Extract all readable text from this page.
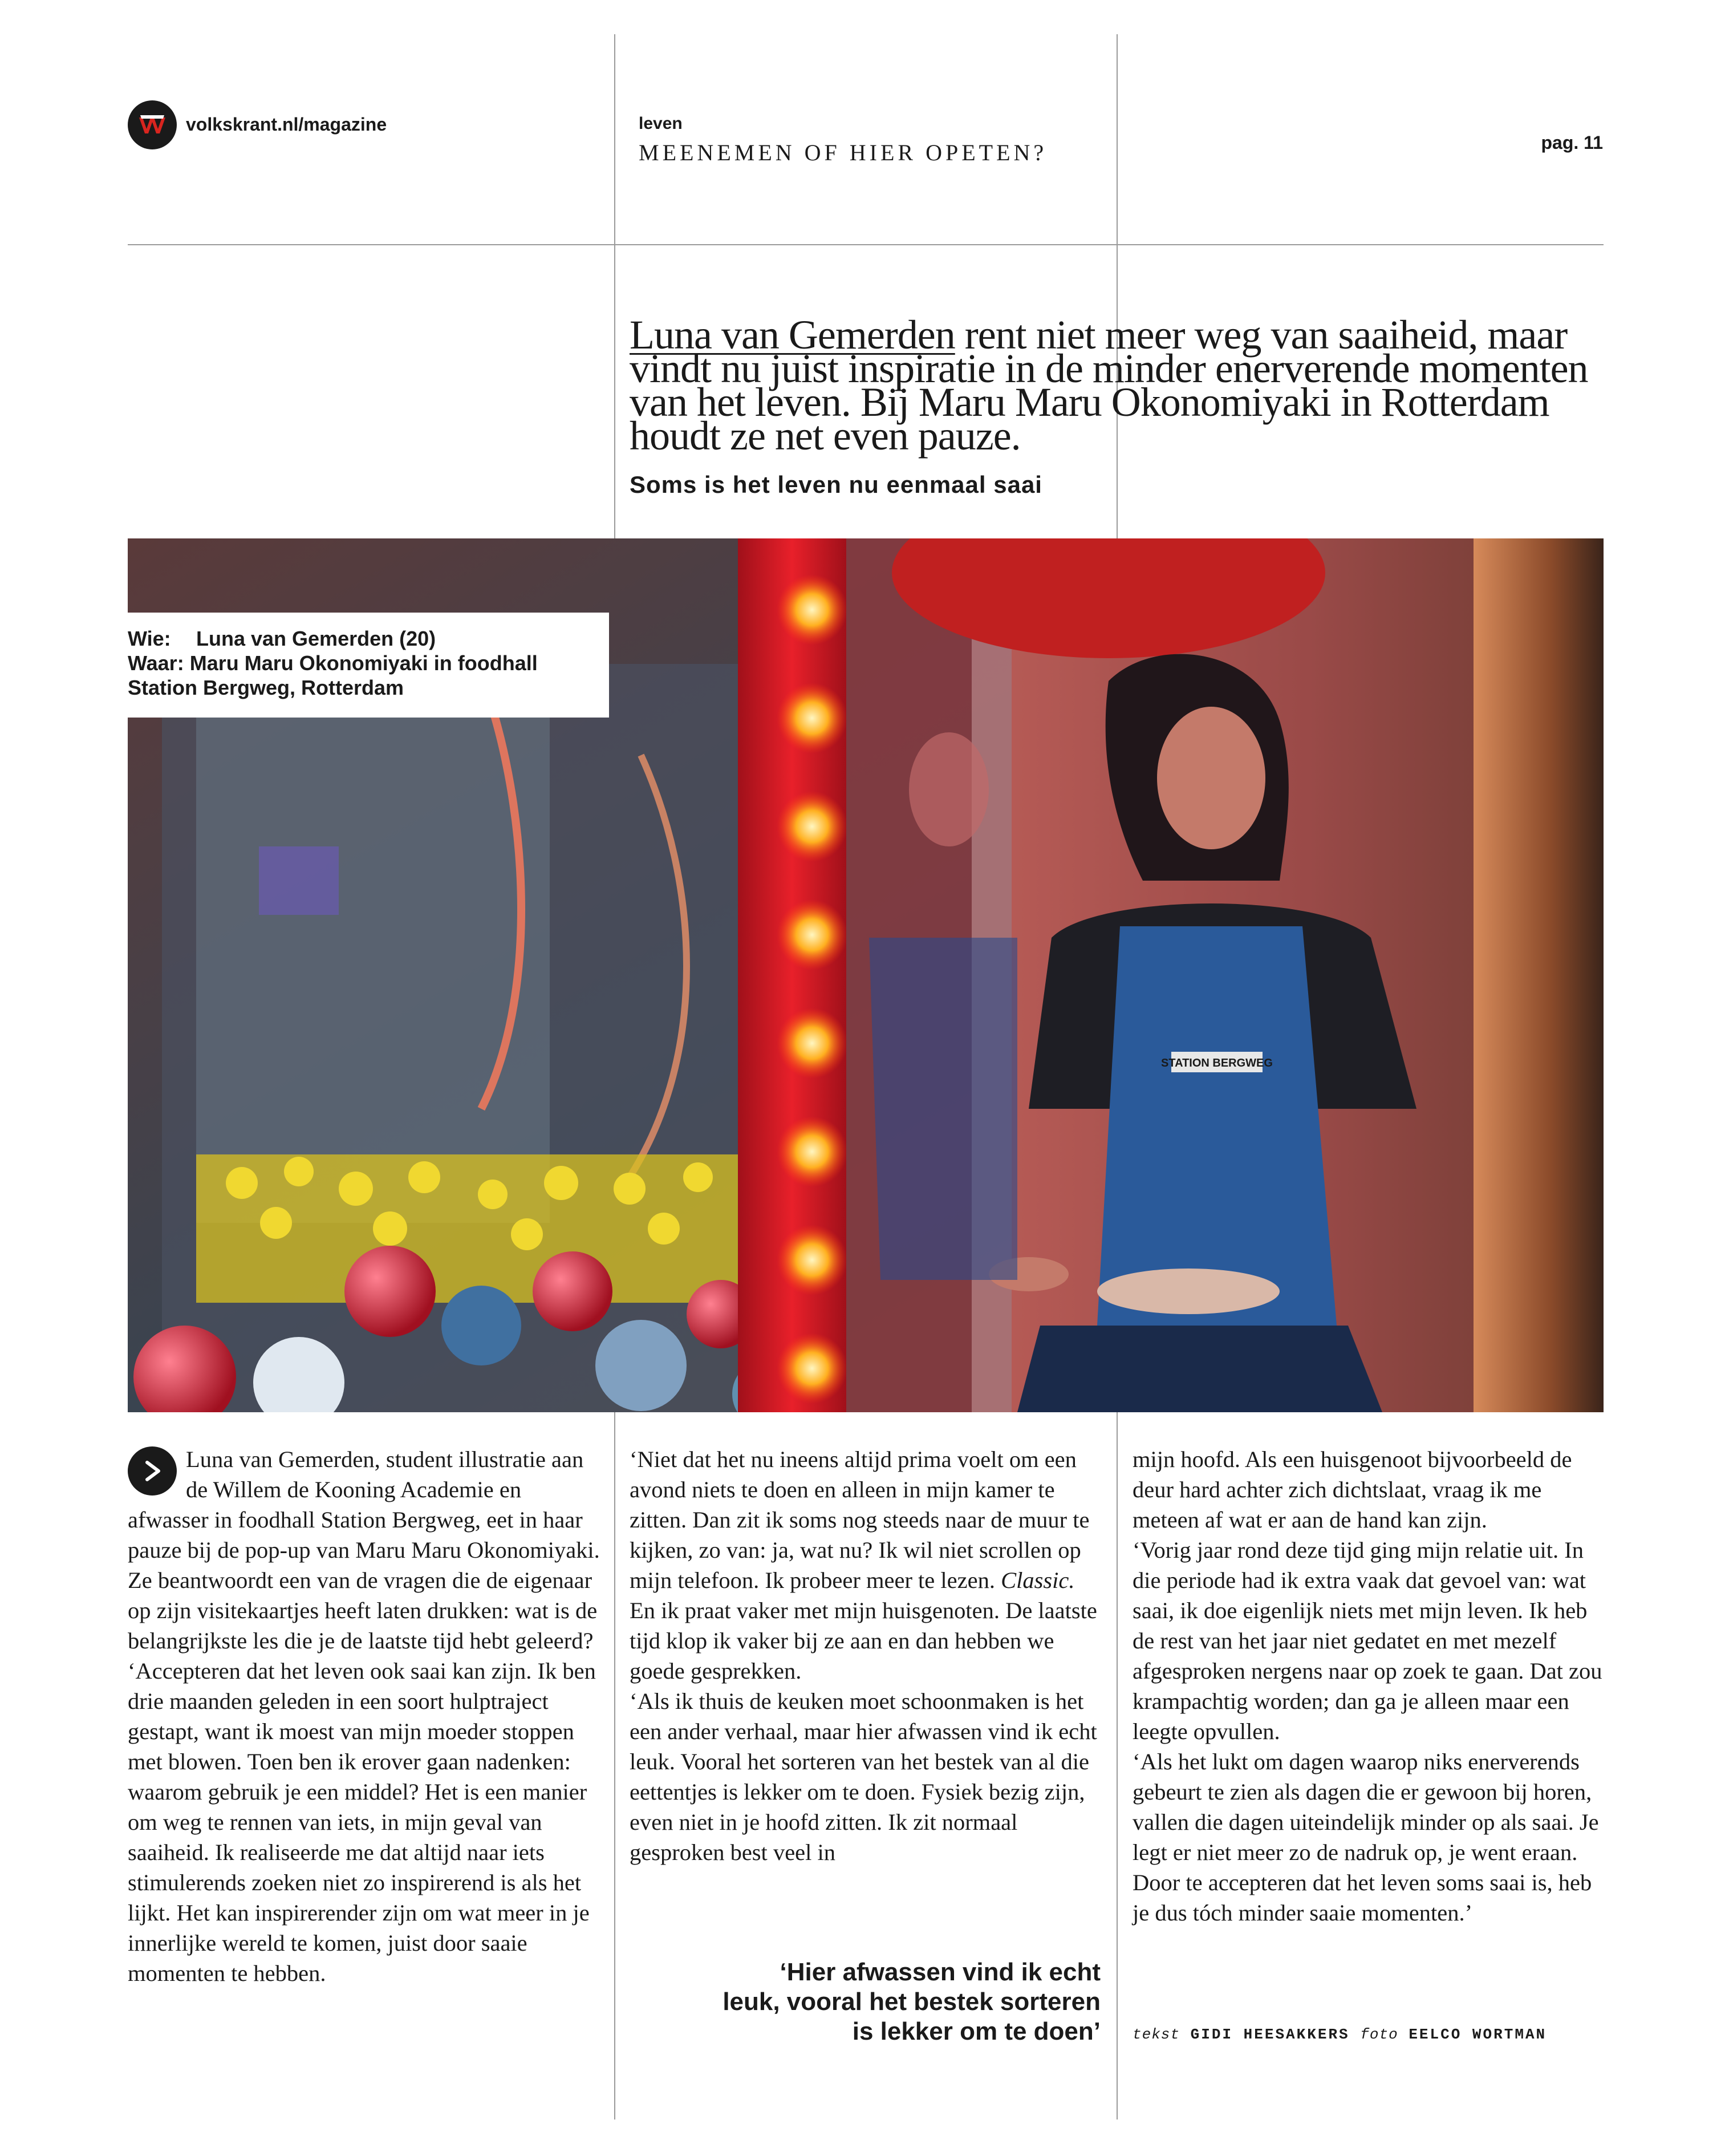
volkskrant.nl/magazine	leven
MEENEMEN OF HIER OPETEN?	pag. 11
Luna van Gemerden rent niet meer weg van saaiheid, maar vindt nu juist inspiratie in de minder enerverende momenten van het leven. Bij Maru Maru Okonomiyaki in Rotterdam houdt ze net even pauze.
Soms is het leven nu eenmaal saai
STATION BERGWEG
Wie: Luna van Gemerden (20)
Waar: Maru Maru Okonomiyaki in foodhall
Station Bergweg, Rotterdam

Luna van Gemerden, student illustratie aan de Willem de Kooning Academie en afwasser in foodhall Station Bergweg, eet in haar pauze bij de pop-up van Maru Maru Okonomiyaki. Ze beantwoordt een van de vragen die de eigenaar op zijn visitekaartjes heeft laten drukken: wat is de belangrijkste les die je de laatste tijd hebt geleerd?

‘Accepteren dat het leven ook saai kan zijn. Ik ben drie maanden geleden in een soort hulptraject gestapt, want ik moest van mijn moeder stoppen met blowen. Toen ben ik erover gaan nadenken: waarom gebruik je een middel? Het is een manier om weg te rennen van iets, in mijn geval van saaiheid. Ik realiseerde me dat altijd naar iets stimulerends zoeken niet zo inspirerend is als het lijkt. Het kan inspirerender zijn om wat meer in je innerlijke wereld te komen, juist door saaie momenten te hebben.

‘Niet dat het nu ineens altijd prima voelt om een avond niets te doen en alleen in mijn kamer te zitten. Dan zit ik soms nog steeds naar de muur te kijken, zo van: ja, wat nu? Ik wil niet scrollen op mijn telefoon. Ik probeer meer te lezen. Classic. En ik praat vaker met mijn huisgenoten. De laatste tijd klop ik vaker bij ze aan en dan hebben we goede gesprekken.

‘Als ik thuis de keuken moet schoonmaken is het een ander verhaal, maar hier afwassen vind ik echt leuk. Vooral het sorteren van het bestek van al die eettentjes is lekker om te doen. Fysiek bezig zijn, even niet in je hoofd zitten. Ik zit normaal gesproken best veel in

mijn hoofd. Als een huisgenoot bijvoorbeeld de deur hard achter zich dichtslaat, vraag ik me meteen af wat er aan de hand kan zijn.

‘Vorig jaar rond deze tijd ging mijn relatie uit. In die periode had ik extra vaak dat gevoel van: wat saai, ik doe eigenlijk niets met mijn leven. Ik heb de rest van het jaar niet gedatet en met mezelf afgesproken nergens naar op zoek te gaan. Dat zou krampachtig worden; dan ga je alleen maar een leegte opvullen.

‘Als het lukt om dagen waarop niks enerverends gebeurt te zien als dagen die er gewoon bij horen, vallen die dagen uiteindelijk minder op als saai. Je legt er niet meer zo de nadruk op, je went eraan. Door te accepteren dat het leven soms saai is, heb je dus tóch minder saaie momenten.’

‘Hier afwassen vind ik echt
leuk, vooral het bestek sorteren
is lekker om te doen’ tekst GIDI HEESAKKERS foto EELCO WORTMAN
